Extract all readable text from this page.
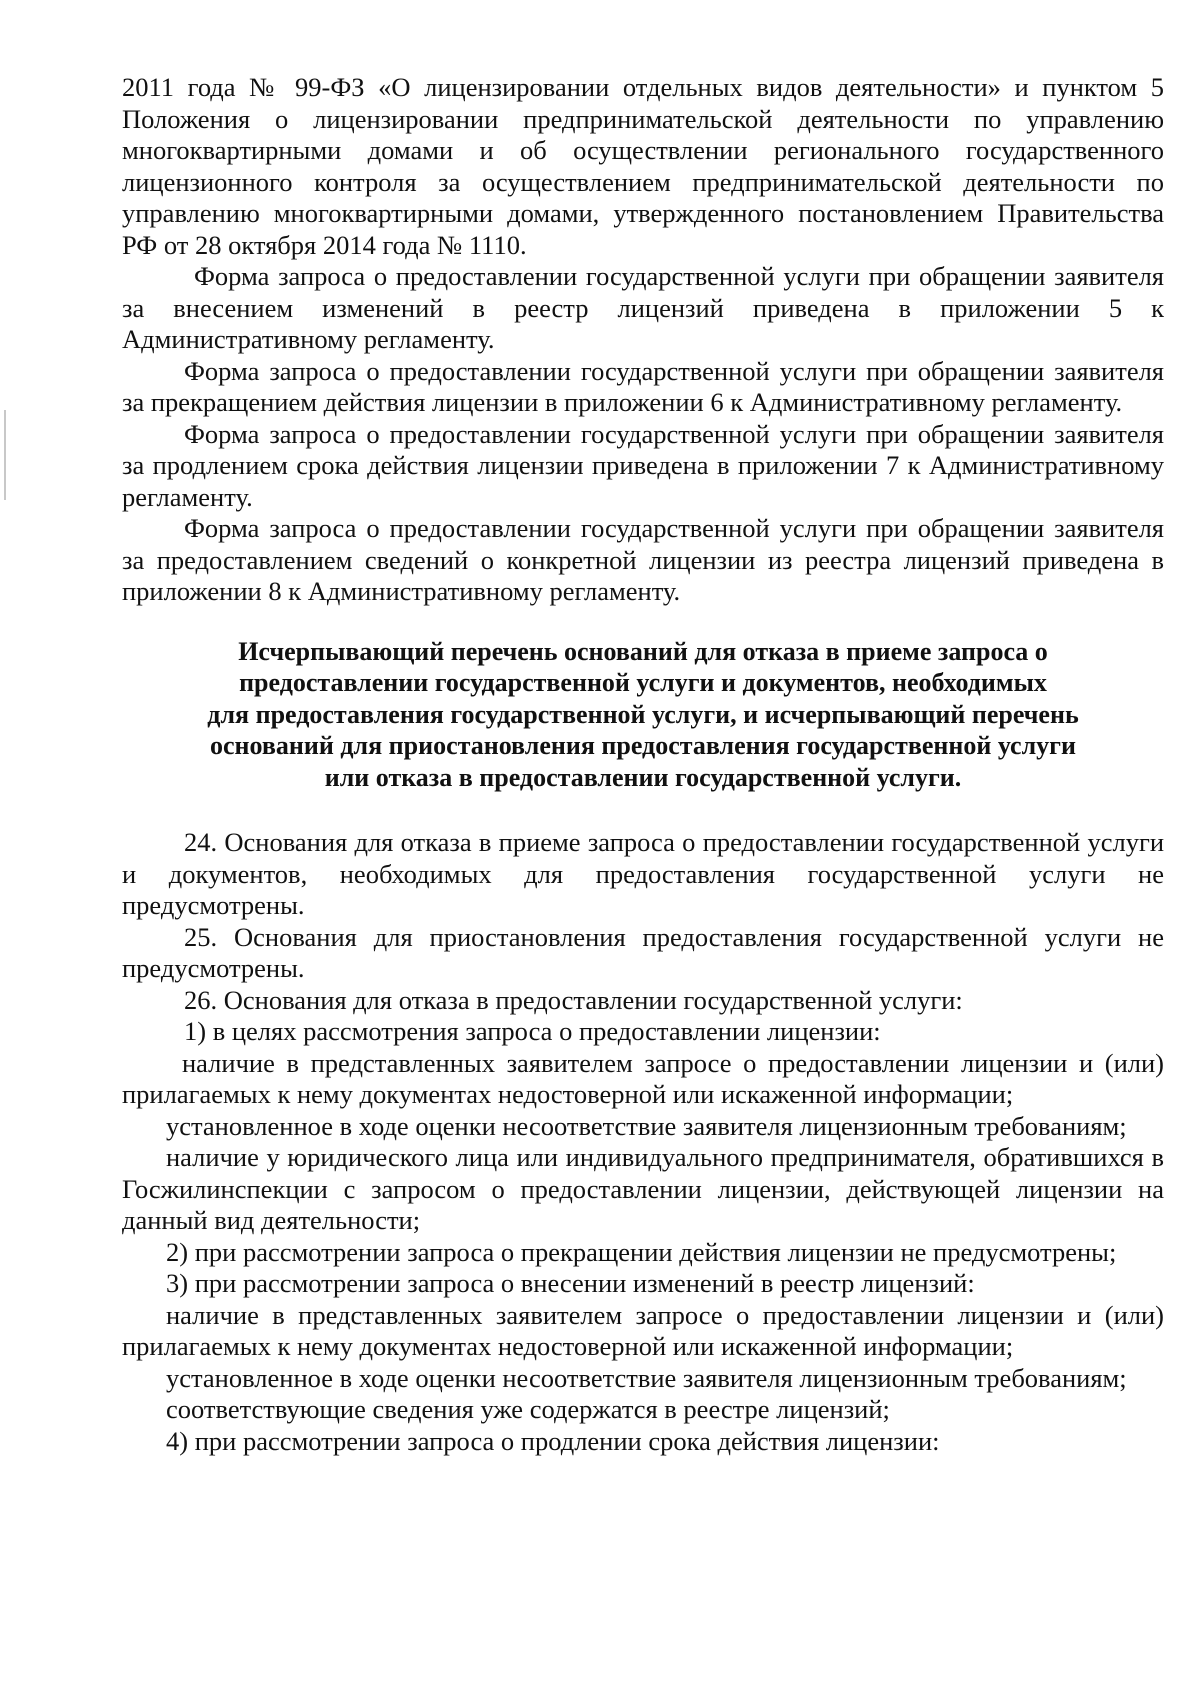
2011 года № 99-ФЗ «О лицензировании отдельных видов деятельности» и пунктом 5 Положения о лицензировании предпринимательской деятельности по управлению многоквартирными домами и об осуществлении регионального государственного лицензионного контроля за осуществлением предпринимательской деятельности по управлению многоквартирными домами, утвержденного постановлением Правительства РФ от 28 октября 2014 года № 1110.

Форма запроса о предоставлении государственной услуги при обращении заявителя за внесением изменений в реестр лицензий приведена в приложении 5 к Административному регламенту.

Форма запроса о предоставлении государственной услуги при обращении заявителя за прекращением действия лицензии в приложении 6 к Административному регламенту.

Форма запроса о предоставлении государственной услуги при обращении заявителя за продлением срока действия лицензии приведена в приложении 7 к Административному регламенту.

Форма запроса о предоставлении государственной услуги при обращении заявителя за предоставлением сведений о конкретной лицензии из реестра лицензий приведена в приложении 8 к Административному регламенту.

Исчерпывающий перечень оснований для отказа в приеме запроса о
предоставлении государственной услуги и документов, необходимых
для предоставления государственной услуги, и исчерпывающий перечень
оснований для приостановления предоставления государственной услуги
или отказа в предоставлении государственной услуги.

24. Основания для отказа в приеме запроса о предоставлении государственной услуги и документов, необходимых для предоставления государственной услуги не предусмотрены.

25. Основания для приостановления предоставления государственной услуги не предусмотрены.

26. Основания для отказа в предоставлении государственной услуги:

1) в целях рассмотрения запроса о предоставлении лицензии:

наличие в представленных заявителем запросе о предоставлении лицензии и (или) прилагаемых к нему документах недостоверной или искаженной информации;

установленное в ходе оценки несоответствие заявителя лицензионным требованиям;

наличие у юридического лица или индивидуального предпринимателя, обратившихся в Госжилинспекции с запросом о предоставлении лицензии, действующей лицензии на данный вид деятельности;

2) при рассмотрении запроса о прекращении действия лицензии не предусмотрены;

3) при рассмотрении запроса о внесении изменений в реестр лицензий:

наличие в представленных заявителем запросе о предоставлении лицензии и (или) прилагаемых к нему документах недостоверной или искаженной информации;

установленное в ходе оценки несоответствие заявителя лицензионным требованиям;

соответствующие сведения уже содержатся в реестре лицензий;

4) при рассмотрении запроса о продлении срока действия лицензии:
